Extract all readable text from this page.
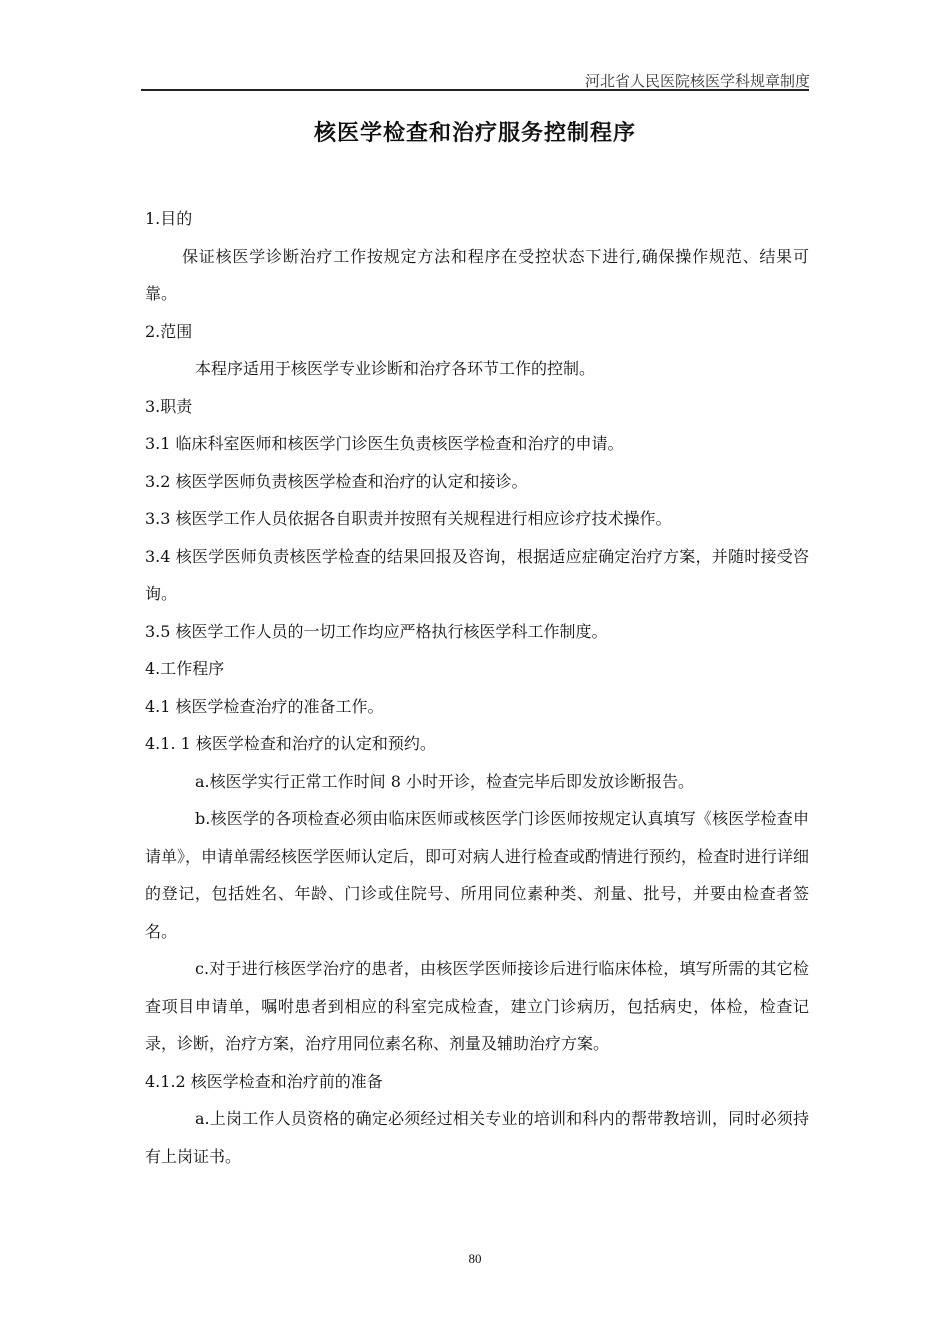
河北省人民医院核医学科规章制度
核医学检查和治疗服务控制程序

1.目的

保证核医学诊断治疗工作按规定方法和程序在受控状态下进行,确保操作规范、结果可靠。

2.范围

本程序适用于核医学专业诊断和治疗各环节工作的控制。

3.职责

3.1 临床科室医师和核医学门诊医生负责核医学检查和治疗的申请。

3.2 核医学医师负责核医学检查和治疗的认定和接诊。

3.3 核医学工作人员依据各自职责并按照有关规程进行相应诊疗技术操作。

3.4 核医学医师负责核医学检查的结果回报及咨询，根据适应症确定治疗方案，并随时接受咨询。

3.5 核医学工作人员的一切工作均应严格执行核医学科工作制度。

4.工作程序

4.1 核医学检查治疗的准备工作。

4.1. 1 核医学检查和治疗的认定和预约。

a.核医学实行正常工作时间 8 小时开诊，检查完毕后即发放诊断报告。

b.核医学的各项检查必须由临床医师或核医学门诊医师按规定认真填写《核医学检查申请单》，申请单需经核医学医师认定后，即可对病人进行检查或酌情进行预约，检查时进行详细的登记，包括姓名、年龄、门诊或住院号、所用同位素种类、剂量、批号，并要由检查者签名。

c.对于进行核医学治疗的患者，由核医学医师接诊后进行临床体检，填写所需的其它检查项目申请单，嘱咐患者到相应的科室完成检查，建立门诊病历，包括病史，体检，检查记录，诊断，治疗方案，治疗用同位素名称、剂量及辅助治疗方案。

4.1.2 核医学检查和治疗前的准备

a.上岗工作人员资格的确定必须经过相关专业的培训和科内的帮带教培训，同时必须持有上岗证书。

80
